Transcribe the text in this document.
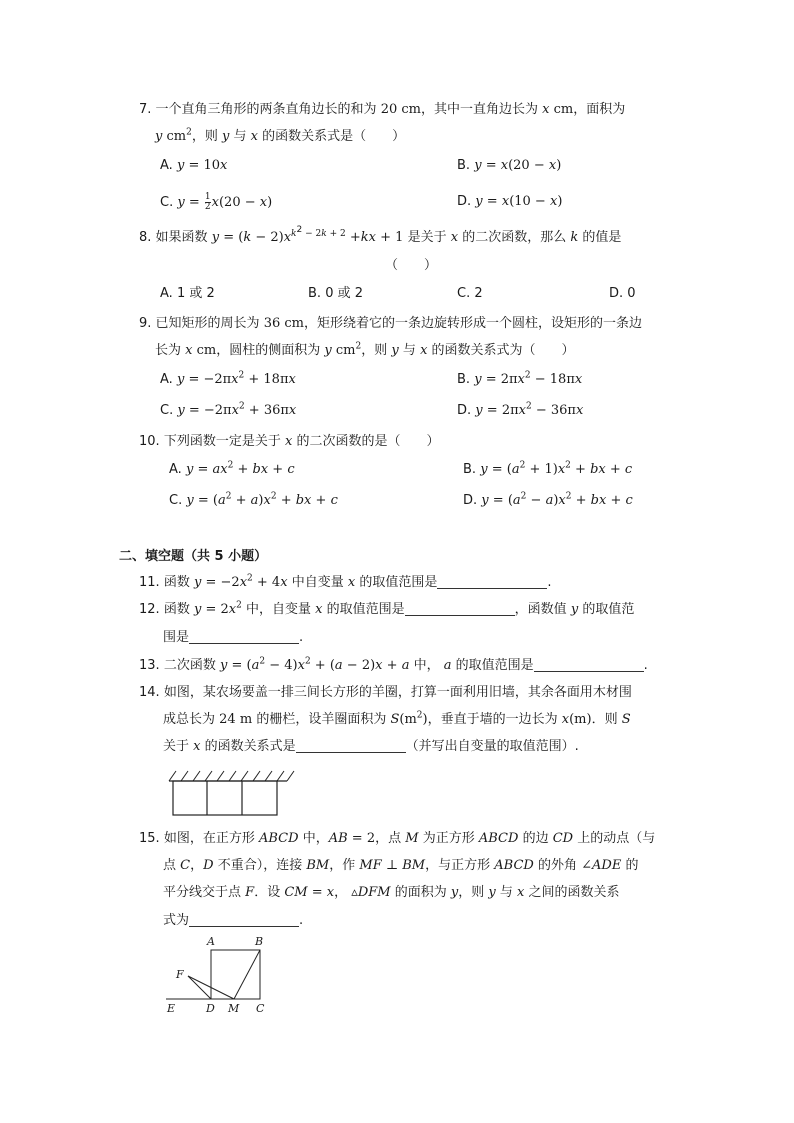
7. 一个直角三角形的两条直角边长的和为 20 cm，其中一直角边长为 x cm，面积为
y $cm^2$，则 y 与 x 的函数关系式是（　　）
A. y = 10x	B. y = x(20 − x)
C. $y = \frac{1}{2} x(20 - x)$	D. y = x(10 − x)
8. 如果函数 $y = (k - 2)x^{k^2 - 2k + 2} +kx + 1$ 是关于 x 的二次函数，那么 k 的值是
（　　）
A. 1 或 2	B. 0 或 2	C. 2	D. 0
9. 已知矩形的周长为 36 cm，矩形绕着它的一条边旋转形成一个圆柱，设矩形的一条边
长为 x cm，圆柱的侧面积为 y $cm^2$，则 y 与 x 的函数关系式为（　　）
A. $y = -2\pi x^2 + 18\pi x$	B. $y = 2\pi x^2 - 18\pi x$
C. $y = -2\pi x^2 + 36\pi x$	D. $y = 2\pi x^2 - 36\pi x$
10. 下列函数一定是关于 x 的二次函数的是（　　）
A. $y = ax^2$ + bx + c	B. $y = (a^2 + 1)x^2$ + bx + c
C. $y = (a^2 + a)x^2$ + bx + c	D. $y = (a^2 - a)x^2$ + bx + c
二、填空题（共 5 小题）
11. 函数 $y = -2x^2 + 4x$ 中自变量 x 的取值范围是	.
12. 函数 $y = 2x^2$ 中，自变量 x 的取值范围是	，函数值 y 的取值范
围是	.
13. 二次函数 $y = (a^2 - 4)x^2 + (a - 2)x + a$ 中， a 的取值范围是	.
14. 如图，某农场要盖一排三间长方形的羊圈，打算一面利用旧墙，其余各面用木材围
成总长为 24 m 的栅栏，设羊圈面积为 $S(m^2)$，垂直于墙的一边长为 x(m)．则 S
关于 x 的函数关系式是	（并写出自变量的取值范围）.
15. 如图，在正方形 ABCD 中，AB = 2，点 M 为正方形 ABCD 的边 CD 上的动点（与
点 C，D 不重合），连接 BM，作 MF ⊥ BM，与正方形 ABCD 的外角 ∠ADE 的
平分线交于点 F．设 CM = x， ▵DFM 的面积为 y，则 y 与 x 之间的函数关系
式为	.
A	B
C
D
E
F
M
